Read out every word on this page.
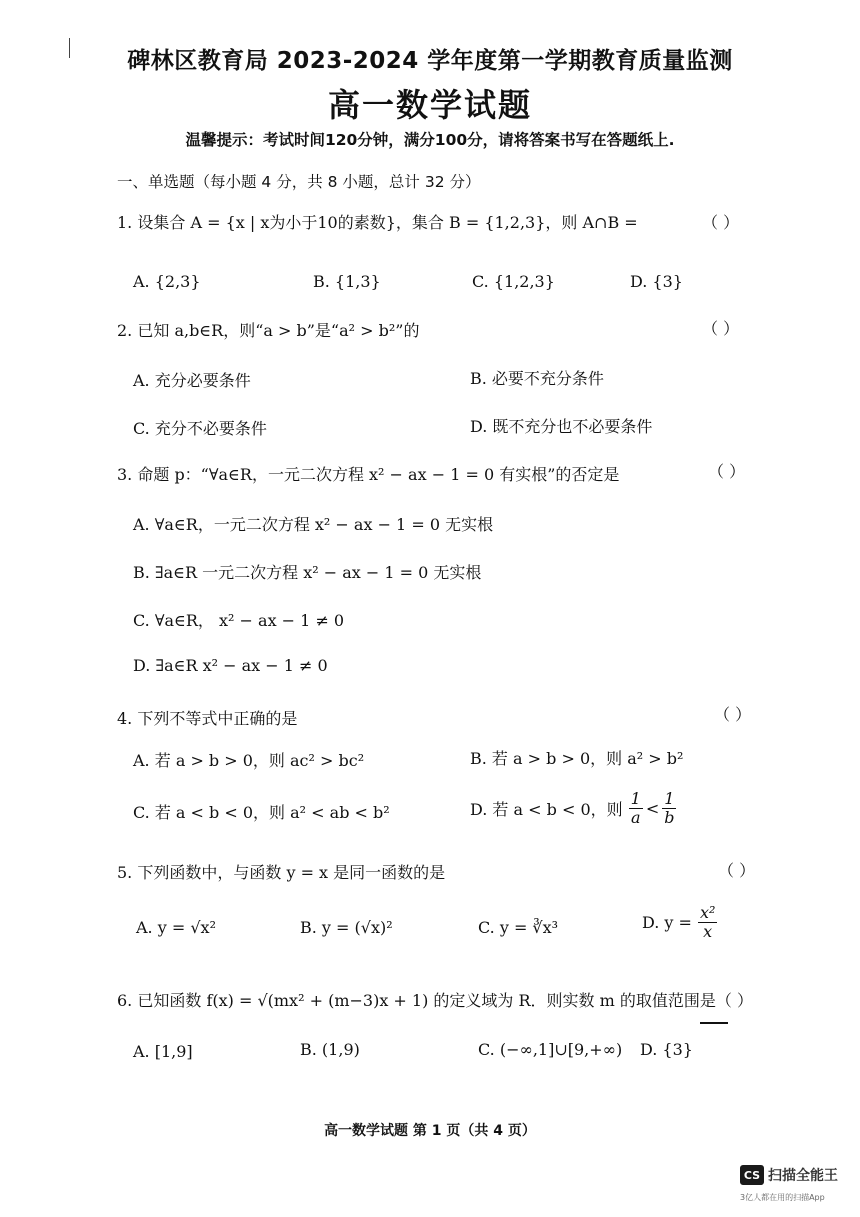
碑林区教育局 2023-2024 学年度第一学期教育质量监测
高一数学试题
温馨提示：考试时间120分钟，满分100分，请将答案书写在答题纸上.
一、单选题（每小题 4 分，共 8 小题，总计 32 分）
1. 设集合 A = {x | x为小于10的素数}，集合 B = {1,2,3}，则 A∩B =	（ ）
A. {2,3}	B. {1,3}	C. {1,2,3}	D. {3}
2. 已知 a,b∈R，则“a > b”是“a² > b²”的	（ ）
A. 充分必要条件	B. 必要不充分条件
C. 充分不必要条件	D. 既不充分也不必要条件
3. 命题 p：“∀a∈R，一元二次方程 x² − ax − 1 = 0 有实根”的否定是	（ ）
A. ∀a∈R，一元二次方程 x² − ax − 1 = 0 无实根
B. ∃a∈R 一元二次方程 x² − ax − 1 = 0 无实根
C. ∀a∈R， x² − ax − 1 ≠ 0
D. ∃a∈R x² − ax − 1 ≠ 0
4. 下列不等式中正确的是	（ ）
A. 若 a > b > 0，则 ac² > bc²	B. 若 a > b > 0，则 a² > b²
C. 若 a < b < 0，则 a² < ab < b²	D. 若 a < b < 0，则 $\frac{1}{a} < \frac{1}{b}$
5. 下列函数中，与函数 y = x 是同一函数的是	（ ）
A. y = √x²	B. y = (√x)²	C. y = ∛x³	D. $y = \frac{\text{x²}}{x}$
6. 已知函数 f(x) = √(mx² + (m−3)x + 1) 的定义域为 R．则实数 m 的取值范围是（ ）
A. [1,9]	B. (1,9)	C. (−∞,1]∪[9,+∞) D. {3}
高一数学试题 第 1 页（共 4 页）
CS 扫描全能王
3亿人都在用的扫描App
